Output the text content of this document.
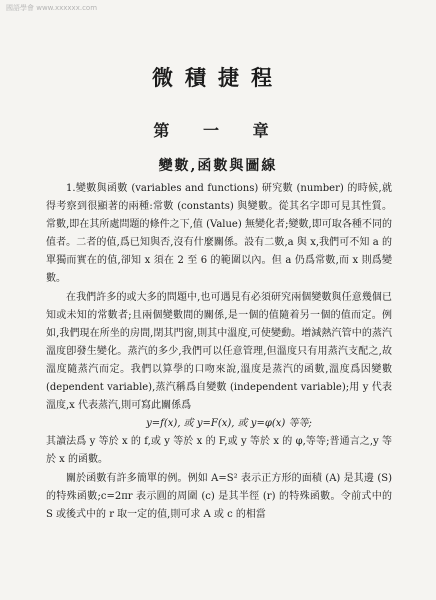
國語學會 www.xxxxxx.com
微積捷程
第 一 章
變數,函數與圖線

1.變數與函數 (variables and functions) 研究數 (number) 的時候,就得考察到很顯著的兩種:常數 (constants) 與變數。從其名字即可見其性質。常數,即在其所處問題的條件之下,值 (Value) 無變化者;變數,即可取各種不同的值者。二者的值,爲已知與否,沒有什麼關係。設有二數,a 與 x,我們可不知 a 的單獨而實在的值,卻知 x 須在 2 至 6 的範圍以內。但 a 仍爲常數,而 x 則爲變數。

在我們許多的或大多的問題中,也可遇見有必須研究兩個變數與任意幾個已知或未知的常數者;且兩個變數間的關係,是一個的值隨着另一個的值而定。例如,我們現在所坐的房間,閉其門窗,則其中溫度,可使變動。增減熱汽管中的蒸汽溫度卽發生變化。蒸汽的多少,我們可以任意管理,但溫度只有用蒸汽支配之,故溫度隨蒸汽而定。我們以算學的口吻來說,溫度是蒸汽的函數,溫度爲因變數 (dependent variable),蒸汽稱爲自變數 (independent variable);用 y 代表溫度,x 代表蒸汽,則可寫此關係爲

y=f(x), 或 y=F(x), 或 y=φ(x) 等等;

其讀法爲 y 等於 x 的 f,或 y 等於 x 的 F,或 y 等於 x 的 φ,等等;普通言之,y 等於 x 的函數。

關於函數有許多簡單的例。例如 A=S² 表示正方形的面積 (A) 是其邊 (S) 的特殊函數;c=2πr 表示圓的周圍 (c) 是其半徑 (r) 的特殊函數。令前式中的 S 或後式中的 r 取一定的值,則可求 A 或 c 的相當
